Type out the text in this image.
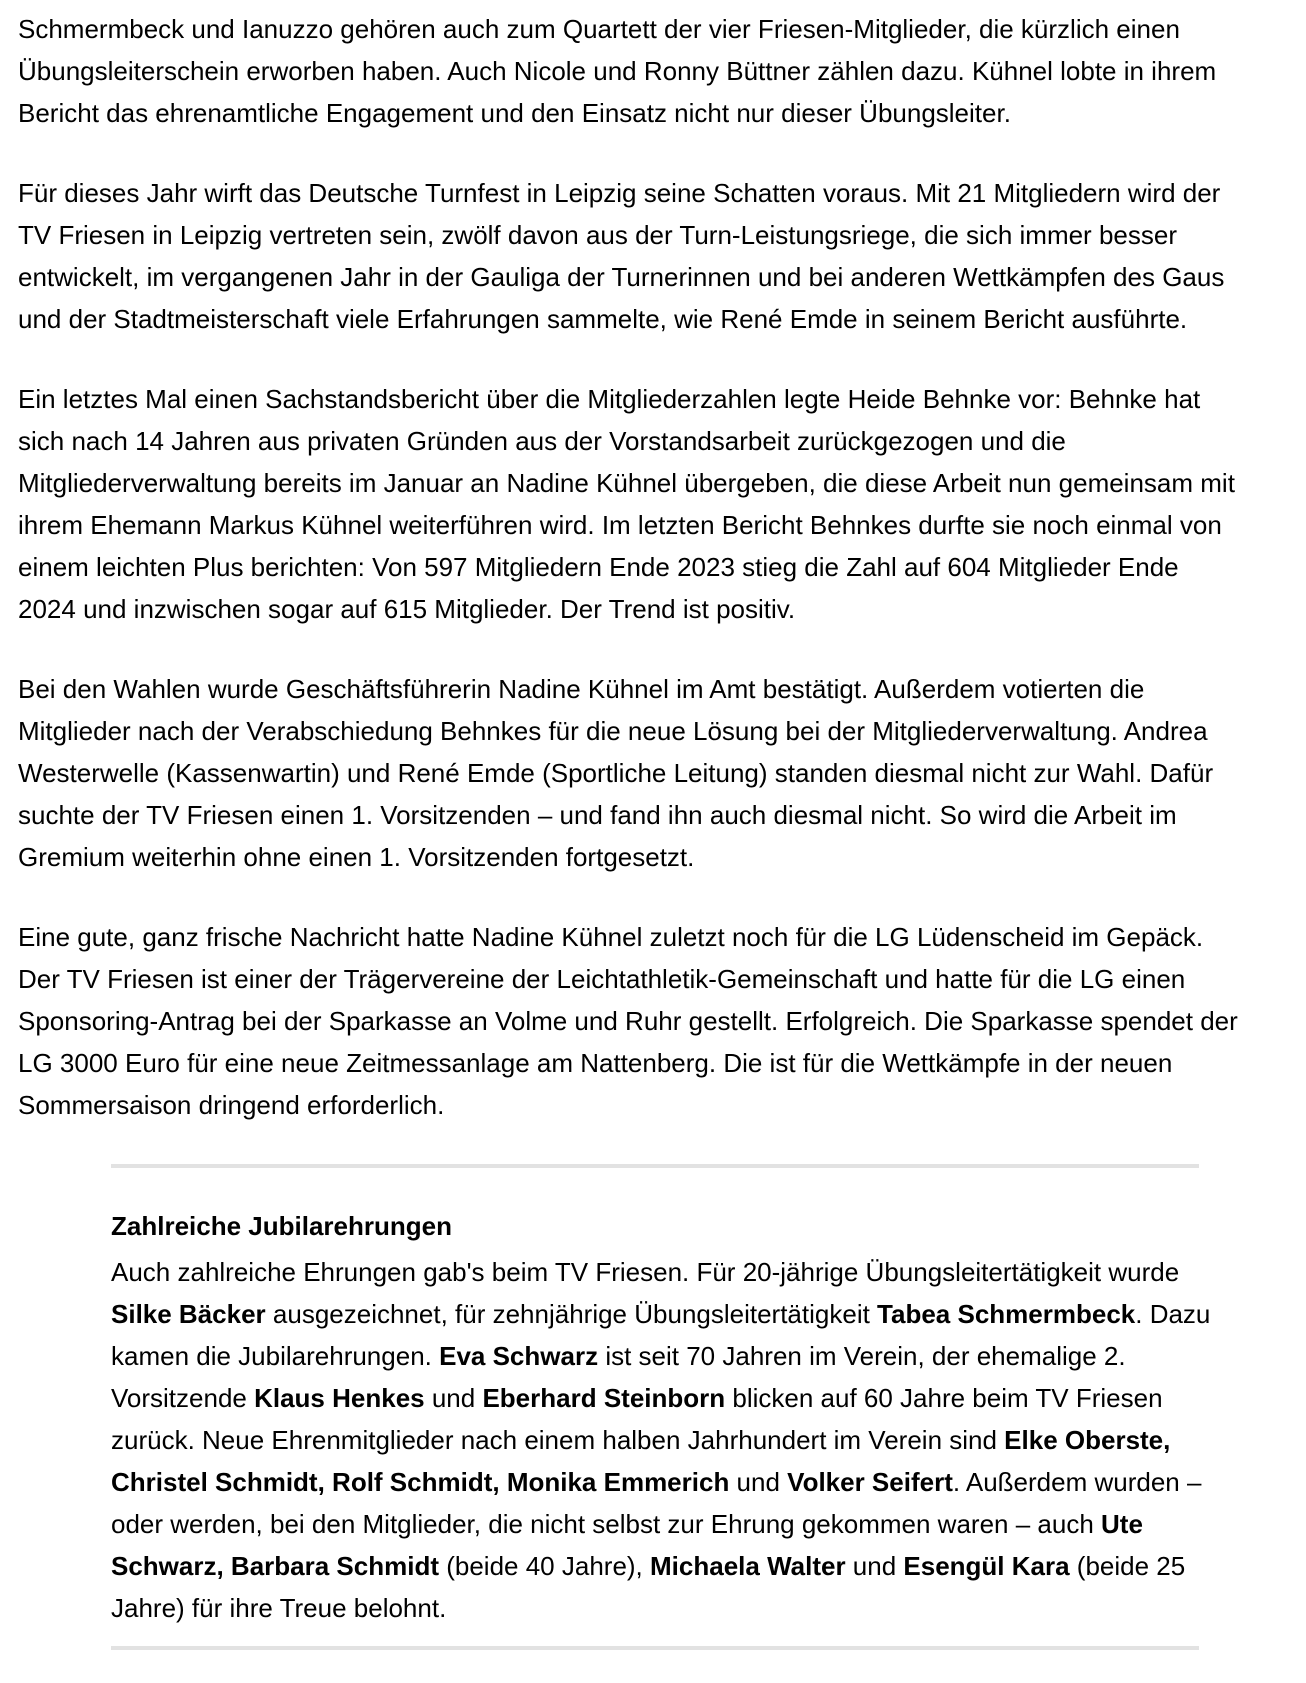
Schmermbeck und Ianuzzo gehören auch zum Quartett der vier Friesen-Mitglieder, die kürzlich einen
Übungsleiterschein erworben haben. Auch Nicole und Ronny Büttner zählen dazu. Kühnel lobte in ihrem
Bericht das ehrenamtliche Engagement und den Einsatz nicht nur dieser Übungsleiter.
Für dieses Jahr wirft das Deutsche Turnfest in Leipzig seine Schatten voraus. Mit 21 Mitgliedern wird der
TV Friesen in Leipzig vertreten sein, zwölf davon aus der Turn-Leistungsriege, die sich immer besser
entwickelt, im vergangenen Jahr in der Gauliga der Turnerinnen und bei anderen Wettkämpfen des Gaus
und der Stadtmeisterschaft viele Erfahrungen sammelte, wie René Emde in seinem Bericht ausführte.
Ein letztes Mal einen Sachstandsbericht über die Mitgliederzahlen legte Heide Behnke vor: Behnke hat
sich nach 14 Jahren aus privaten Gründen aus der Vorstandsarbeit zurückgezogen und die
Mitgliederverwaltung bereits im Januar an Nadine Kühnel übergeben, die diese Arbeit nun gemeinsam mit
ihrem Ehemann Markus Kühnel weiterführen wird. Im letzten Bericht Behnkes durfte sie noch einmal von
einem leichten Plus berichten: Von 597 Mitgliedern Ende 2023 stieg die Zahl auf 604 Mitglieder Ende
2024 und inzwischen sogar auf 615 Mitglieder. Der Trend ist positiv.
Bei den Wahlen wurde Geschäftsführerin Nadine Kühnel im Amt bestätigt. Außerdem votierten die
Mitglieder nach der Verabschiedung Behnkes für die neue Lösung bei der Mitgliederverwaltung. Andrea
Westerwelle (Kassenwartin) und René Emde (Sportliche Leitung) standen diesmal nicht zur Wahl. Dafür
suchte der TV Friesen einen 1. Vorsitzenden – und fand ihn auch diesmal nicht. So wird die Arbeit im
Gremium weiterhin ohne einen 1. Vorsitzenden fortgesetzt.
Eine gute, ganz frische Nachricht hatte Nadine Kühnel zuletzt noch für die LG Lüdenscheid im Gepäck.
Der TV Friesen ist einer der Trägervereine der Leichtathletik-Gemeinschaft und hatte für die LG einen
Sponsoring-Antrag bei der Sparkasse an Volme und Ruhr gestellt. Erfolgreich. Die Sparkasse spendet der
LG 3000 Euro für eine neue Zeitmessanlage am Nattenberg. Die ist für die Wettkämpfe in der neuen
Sommersaison dringend erforderlich.
Zahlreiche Jubilarehrungen
Auch zahlreiche Ehrungen gab's beim TV Friesen. Für 20-jährige Übungsleitertätigkeit wurde
Silke Bäcker ausgezeichnet, für zehnjährige Übungsleitertätigkeit Tabea Schmermbeck. Dazu
kamen die Jubilarehrungen. Eva Schwarz ist seit 70 Jahren im Verein, der ehemalige 2.
Vorsitzende Klaus Henkes und Eberhard Steinborn blicken auf 60 Jahre beim TV Friesen
zurück. Neue Ehrenmitglieder nach einem halben Jahrhundert im Verein sind Elke Oberste,
Christel Schmidt, Rolf Schmidt, Monika Emmerich und Volker Seifert. Außerdem wurden –
oder werden, bei den Mitglieder, die nicht selbst zur Ehrung gekommen waren – auch Ute
Schwarz, Barbara Schmidt (beide 40 Jahre), Michaela Walter und Esengül Kara (beide 25
Jahre) für ihre Treue belohnt.
